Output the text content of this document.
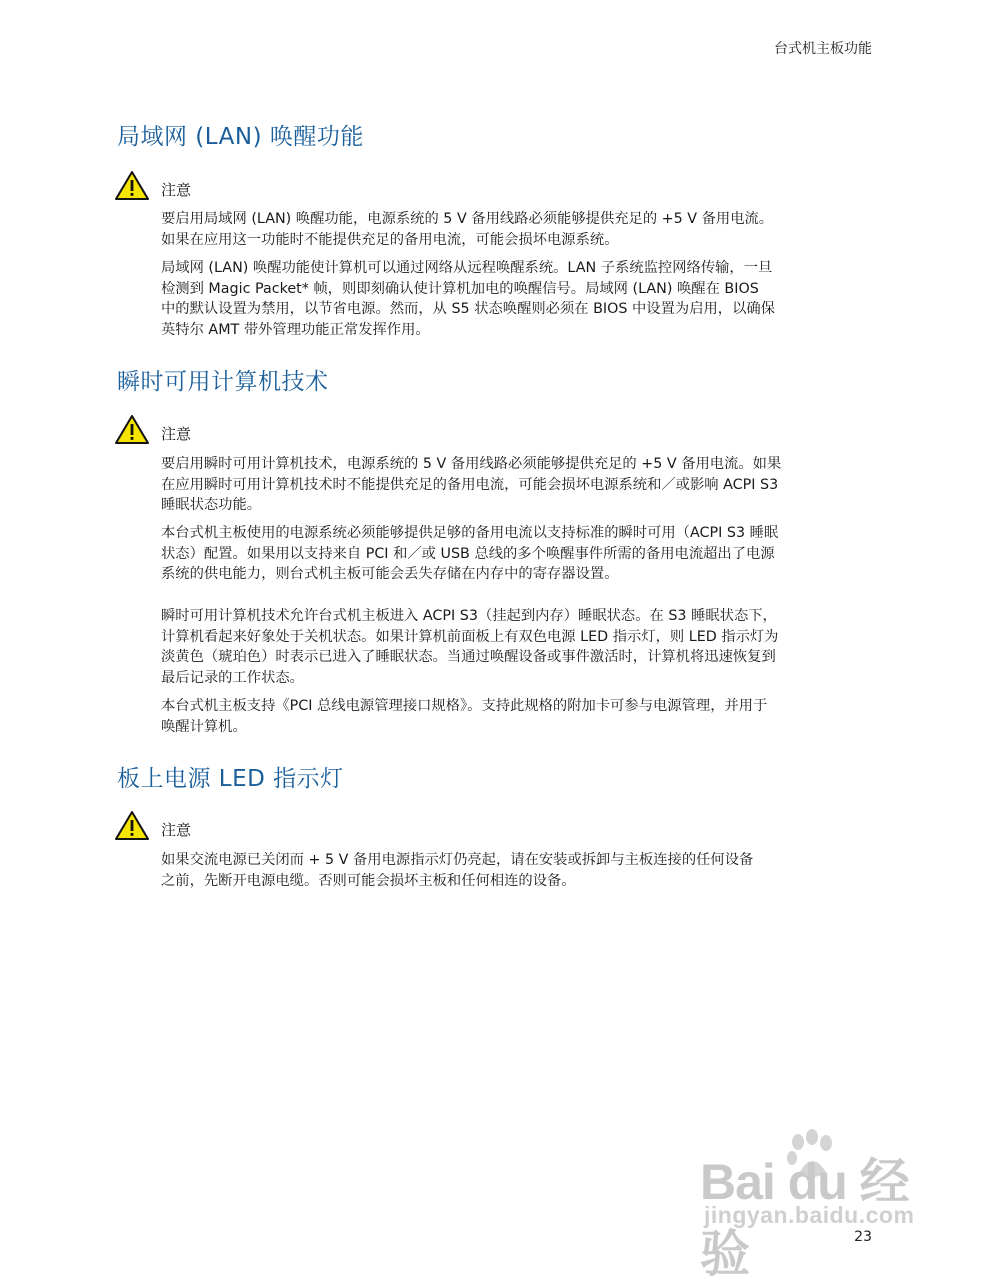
台式机主板功能
局域网 (LAN) 唤醒功能
注意

要启用局域网 (LAN) 唤醒功能，电源系统的 5 V 备用线路必须能够提供充足的 +5 V 备用电流。
如果在应用这一功能时不能提供充足的备用电流，可能会损坏电源系统。

局域网 (LAN) 唤醒功能使计算机可以通过网络从远程唤醒系统。LAN 子系统监控网络传输，一旦
检测到 Magic Packet* 帧，则即刻确认使计算机加电的唤醒信号。局域网 (LAN) 唤醒在 BIOS
中的默认设置为禁用，以节省电源。然而，从 S5 状态唤醒则必须在 BIOS 中设置为启用，以确保
英特尔 AMT 带外管理功能正常发挥作用。

瞬时可用计算机技术
注意

要启用瞬时可用计算机技术，电源系统的 5 V 备用线路必须能够提供充足的 +5 V 备用电流。如果
在应用瞬时可用计算机技术时不能提供充足的备用电流，可能会损坏电源系统和／或影响 ACPI S3
睡眠状态功能。

本台式机主板使用的电源系统必须能够提供足够的备用电流以支持标准的瞬时可用（ACPI S3 睡眠
状态）配置。如果用以支持来自 PCI 和／或 USB 总线的多个唤醒事件所需的备用电流超出了电源
系统的供电能力，则台式机主板可能会丢失存储在内存中的寄存器设置。

瞬时可用计算机技术允许台式机主板进入 ACPI S3（挂起到内存）睡眠状态。在 S3 睡眠状态下，
计算机看起来好象处于关机状态。如果计算机前面板上有双色电源 LED 指示灯，则 LED 指示灯为
淡黄色（琥珀色）时表示已进入了睡眠状态。当通过唤醒设备或事件激活时，计算机将迅速恢复到
最后记录的工作状态。

本台式机主板支持《PCI 总线电源管理接口规格》。支持此规格的附加卡可参与电源管理，并用于
唤醒计算机。

板上电源 LED 指示灯
注意

如果交流电源已关闭而 + 5 V 备用电源指示灯仍亮起，请在安装或拆卸与主板连接的任何设备
之前，先断开电源电缆。否则可能会损坏主板和任何相连的设备。

Bai du 经验
jingyan.baidu.com
23
